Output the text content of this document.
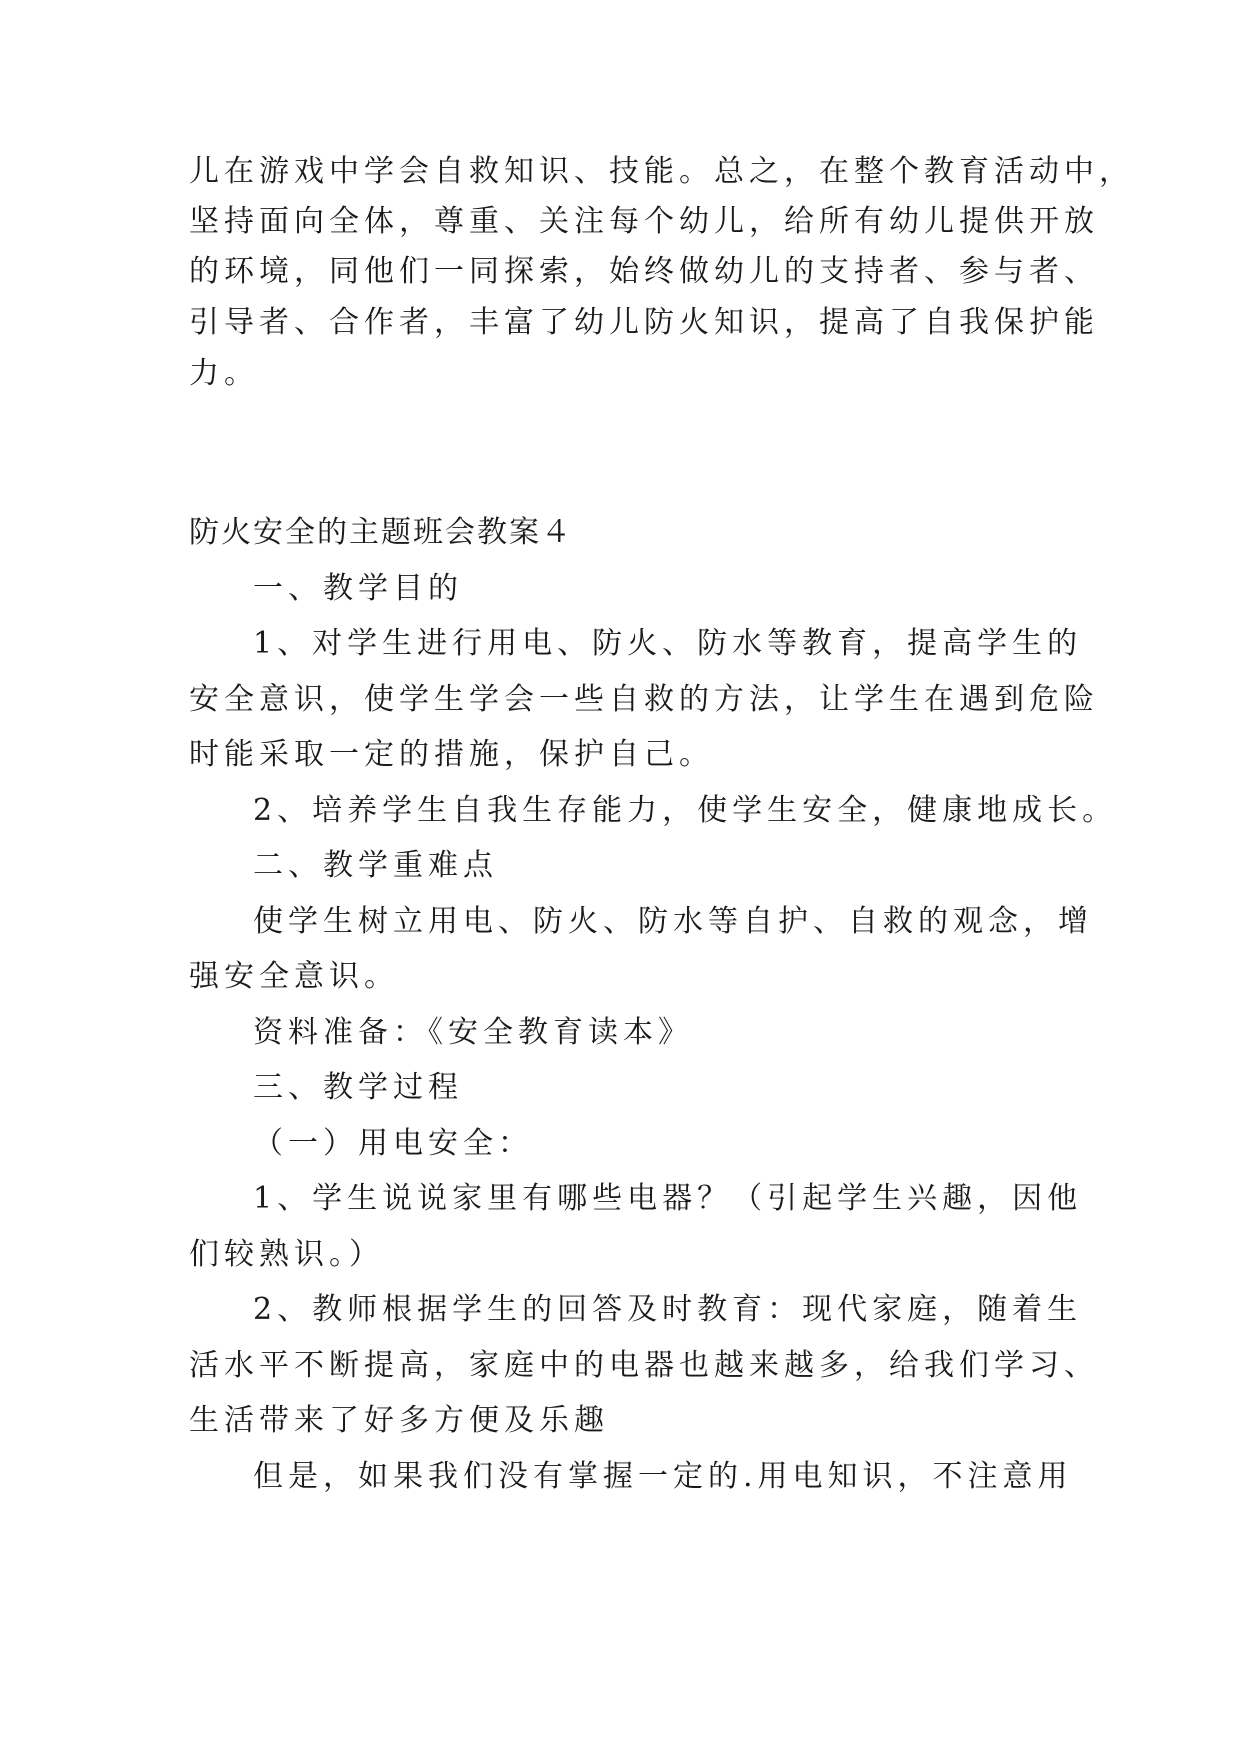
儿在游戏中学会自救知识、技能。总之，在整个教育活动中，
坚持面向全体，尊重、关注每个幼儿，给所有幼儿提供开放
的环境，同他们一同探索，始终做幼儿的支持者、参与者、
引导者、合作者，丰富了幼儿防火知识，提高了自我保护能
力。
防火安全的主题班会教案４
一、教学目的
1、对学生进行用电、防火、防水等教育，提高学生的
安全意识，使学生学会一些自救的方法，让学生在遇到危险
时能采取一定的措施，保护自己。
2、培养学生自我生存能力，使学生安全，健康地成长。
二、教学重难点
使学生树立用电、防火、防水等自护、自救的观念，增
强安全意识。
资料准备：《安全教育读本》
三、教学过程
（一）用电安全：
1、学生说说家里有哪些电器？（引起学生兴趣，因他
们较熟识。）
2、教师根据学生的回答及时教育：现代家庭，随着生
活水平不断提高，家庭中的电器也越来越多，给我们学习、
生活带来了好多方便及乐趣
但是，如果我们没有掌握一定的.用电知识，不注意用
